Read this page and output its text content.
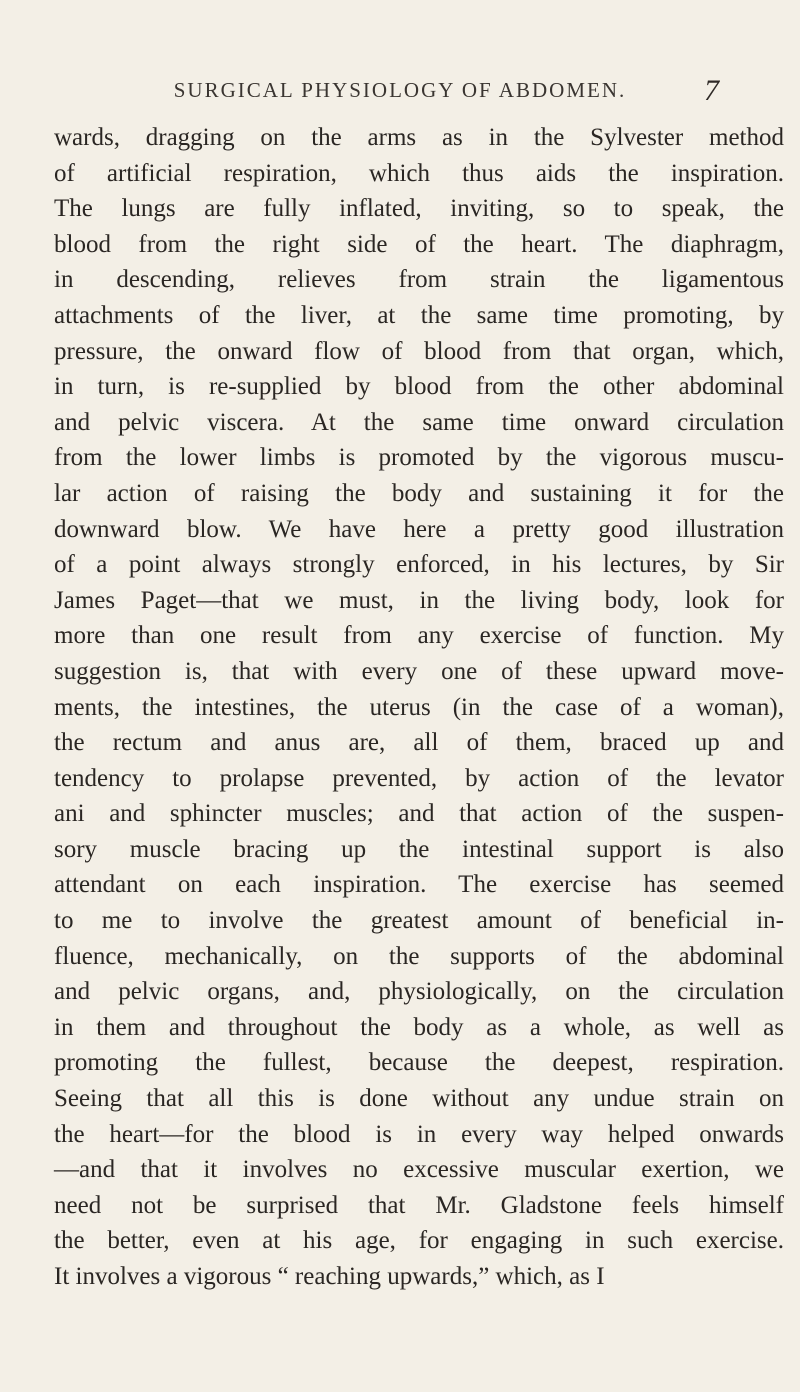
SURGICAL PHYSIOLOGY OF ABDOMEN.	7
wards, dragging on the arms as in the Sylvester method
of artificial respiration, which thus aids the inspiration.
The lungs are fully inflated, inviting, so to speak, the
blood from the right side of the heart. The diaphragm,
in descending, relieves from strain the ligamentous
attachments of the liver, at the same time promoting, by
pressure, the onward flow of blood from that organ, which,
in turn, is re-supplied by blood from the other abdominal
and pelvic viscera. At the same time onward circulation
from the lower limbs is promoted by the vigorous muscu-
lar action of raising the body and sustaining it for the
downward blow. We have here a pretty good illustration
of a point always strongly enforced, in his lectures, by Sir
James Paget—that we must, in the living body, look for
more than one result from any exercise of function. My
suggestion is, that with every one of these upward move-
ments, the intestines, the uterus (in the case of a woman),
the rectum and anus are, all of them, braced up and
tendency to prolapse prevented, by action of the levator
ani and sphincter muscles; and that action of the suspen-
sory muscle bracing up the intestinal support is also
attendant on each inspiration. The exercise has seemed
to me to involve the greatest amount of beneficial in-
fluence, mechanically, on the supports of the abdominal
and pelvic organs, and, physiologically, on the circulation
in them and throughout the body as a whole, as well as
promoting the fullest, because the deepest, respiration.
Seeing that all this is done without any undue strain on
the heart—for the blood is in every way helped onwards
—and that it involves no excessive muscular exertion, we
need not be surprised that Mr. Gladstone feels himself
the better, even at his age, for engaging in such exercise.
It involves a vigorous “ reaching upwards,” which, as I
